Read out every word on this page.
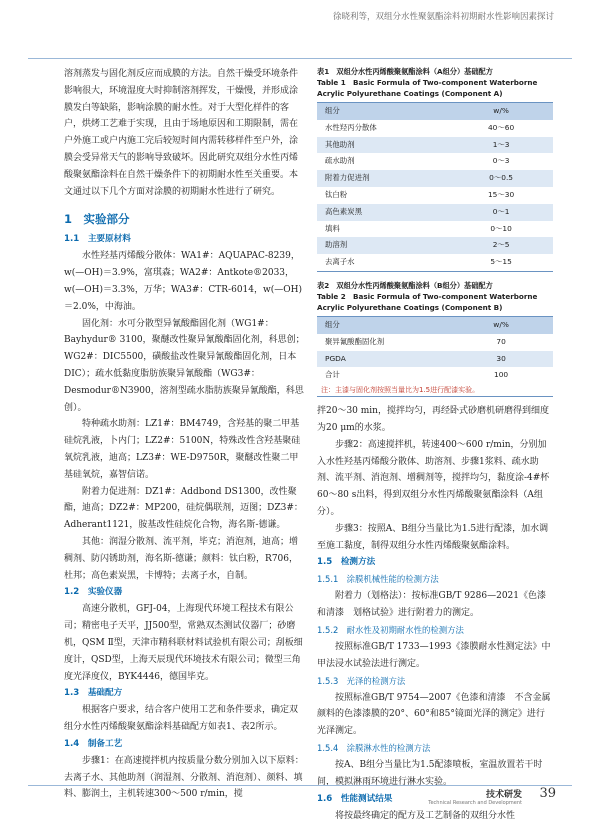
徐晓利等，双组分水性聚氨酯涂料初期耐水性影响因素探讨

溶剂蒸发与固化剂反应而成膜的方法。自然干燥受环境条件影响很大，环境湿度大时抑制溶剂挥发，干燥慢，并形成涂膜发白等缺陷，影响涂膜的耐水性。对于大型化样件的客户，烘烤工艺难于实现，且由于场地原因和工期限制，需在户外施工或户内施工完后较短时间内需转移样件至户外，涂膜会受异常天气的影响导致破坏。因此研究双组分水性丙烯酸聚氨酯涂料在自然干燥条件下的初期耐水性至关重要。本文通过以下几个方面对涂膜的初期耐水性进行了研究。

1　实验部分
1.1　主要原材料

水性羟基丙烯酸分散体：WA1#：AQUAPAC-8239，w(—OH)＝3.9%，富琪森；WA2#：Antkote®2033，w(—OH)＝3.3%，万华；WA3#：CTR-6014，w(—OH)＝2.0%，中海油。

固化剂：水可分散型异氰酸酯固化剂（WG1#：Bayhydur® 3100，聚醚改性聚异氰酸酯固化剂，科思创；WG2#：DIC5500，磺酸盐改性聚异氰酸酯固化剂，日本DIC）；疏水低黏度脂肪族聚异氰酸酯（WG3#：Desmodur®N3900，溶剂型疏水脂肪族聚异氰酸酯，科思创）。

特种疏水助剂：LZ1#：BM4749，含羟基的聚二甲基硅烷乳液，卜内门；LZ2#：5100N，特殊改性含羟基聚硅氧烷乳液，迪高；LZ3#：WE-D9750R，聚醚改性聚二甲基硅氧烷，嘉智信诺。

附着力促进剂：DZ1#：Addbond DS1300，改性聚酯，迪高；DZ2#：MP200，硅烷偶联剂，迈图；DZ3#：Adherant1121，胺基改性硅烷化合物，海名斯-德谦。

其他：润湿分散剂、流平剂，毕克；消泡剂，迪高；增稠剂、防闪锈助剂，海名斯-德谦；颜料：钛白粉，R706，杜邦；高色素炭黑，卡博特；去离子水，自制。

1.2　实验仪器

高速分散机，GFJ-04，上海现代环境工程技术有限公司；精密电子天平，JJ500型，常熟双杰测试仪器厂；砂磨机，QSM Ⅱ型，天津市精科联材料试验机有限公司；刮板细度计，QSD型，上海天辰现代环境技术有限公司；微型三角度光泽度仪，BYK4446，德国毕克。

1.3　基础配方

根据客户要求，结合客户使用工艺和条件要求，确定双组分水性丙烯酸聚氨酯涂料基础配方如表1、表2所示。

1.4　制备工艺

步骤1：在高速搅拌机内按质量分数分别加入以下原料：去离子水、其他助剂（润湿剂、分散剂、消泡剂）、颜料、填料、膨润土，主机转速300～500 r/min，搅

表1　双组分水性丙烯酸聚氨酯涂料（A组分）基础配方
Table 1　Basic Formula of Two-component Waterborne Acrylic Polyurethane Coatings (Component A)
组分	w/%
水性羟丙分散体	40～60
其他助剂	1～3
疏水助剂	0～3
附着力促进剂	0～0.5
钛白粉	15～30
高色素炭黑	0～1
填料	0～10
助溶剂	2～5
去离子水	5～15
表2　双组分水性丙烯酸聚氨酯涂料（B组分）基础配方
Table 2　Basic Formula of Two-component Waterborne Acrylic Polyurethane Coatings (Component B)
组分	w/%
聚异氰酸酯固化剂	70
PGDA	30
合计	100
注：主漆与固化剂按照当量比为1.5进行配漆实验。

拌20～30 min，搅拌均匀，再经卧式砂磨机研磨得到细度为20 μm的水浆。

步骤2：高速搅拌机，转速400～600 r/min，分别加入水性羟基丙烯酸分散体、助溶剂、步骤1浆料、疏水助剂、流平剂、消泡剂、增稠剂等，搅拌均匀，黏度涂-4#杯60～80 s出料，得到双组分水性丙烯酸聚氨酯涂料（A组分）。

步骤3：按照A、B组分当量比为1.5进行配漆，加水调至施工黏度，制得双组分水性丙烯酸聚氨酯涂料。

1.5　检测方法
1.5.1　涂膜机械性能的检测方法

附着力（划格法）：按标准GB/T 9286—2021《色漆和清漆　划格试验》进行附着力的测定。

1.5.2　耐水性及初期耐水性的检测方法

按照标准GB/T 1733—1993《漆膜耐水性测定法》中甲法浸水试验法进行测定。

1.5.3　光泽的检测方法

按照标准GB/T 9754—2007《色漆和清漆　不含金属颜料的色漆漆膜的20°、60°和85°镜面光泽的测定》进行光泽测定。

1.5.4　涂膜淋水性的检测方法

按A、B组分当量比为1.5配漆喷板，室温放置若干时间，模拟淋雨环境进行淋水实验。

1.6　性能测试结果

将按最终确定的配方及工艺制备的双组分水性

技术研发
Technical Research and Development
39
